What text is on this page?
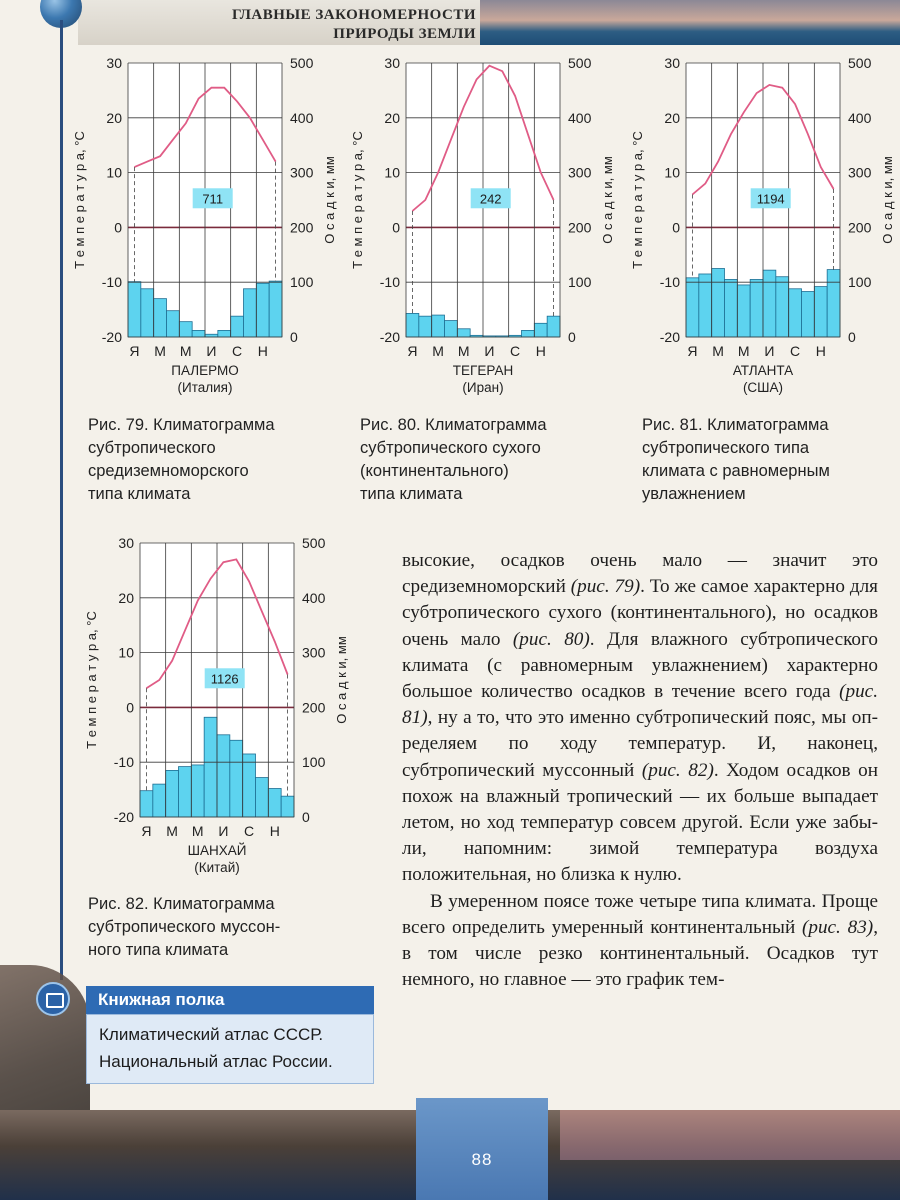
ГЛАВНЫЕ ЗАКОНОМЕРНОСТИ
ПРИРОДЫ ЗЕМЛИ
711
30
20
10
0
-10
-20
500
400
300
200
100
0
Я М М И С Н
ПАЛЕРМО
(Италия)
Т е м п е р а т у р а, °С	О с а д к и, мм	242
30
20
10
0
-10
-20
500
400
300
200
100
0
Я М М И С Н
ТЕГЕРАН
(Иран)
Т е м п е р а т у р а, °С	О с а д к и, мм	1194
30
20
10
0
-10
-20
500
400
300
200
100
0
Я М М И С Н
АТЛАНТА
(США)
Т е м п е р а т у р а, °С	О с а д к и, мм
1126
30
20
10
0
-10
-20
500
400
300
200
100
0
Я М М И С Н
ШАНХАЙ
(Китай)
Т е м п е р а т у р а, °С	О с а д к и, мм
Рис. 79. Климатограмма
субтропического
средиземноморского
типа климата
Рис. 80. Климатограмма
субтропического сухого
(континентального)
типа климата
Рис. 81. Климатограмма
субтропического типа
климата с равномерным
увлажнением
Рис. 82. Климатограмма
субтропического муссон-
ного типа климата

высокие, осадков очень мало — значит это средиземноморский (рис. 79). То же самое характерно для субтропического сухого (континентального), но осадков очень мало (рис. 80). Для влажного субтропического климата (с равномерным увлажнением) характерно большое количество осадков в течение всего года (рис. 81), ну а то, что это именно субтропический пояс, мы определяем по ходу температур. И, наконец, субтропический муссонный (рис. 82). Ходом осадков он похож на влажный тропический — их больше выпадает летом, но ход температур совсем другой. Если уже забыли, напомним: зимой температура воздуха положительная, но близка к нулю.

В умеренном поясе тоже четыре типа климата. Проще всего определить умеренный континентальный (рис. 83), в том числе резко континентальный. Осадков тут немного, но главное — это график тем-

Книжная полка
Климатический атлас СССР.
Национальный атлас России.
88
